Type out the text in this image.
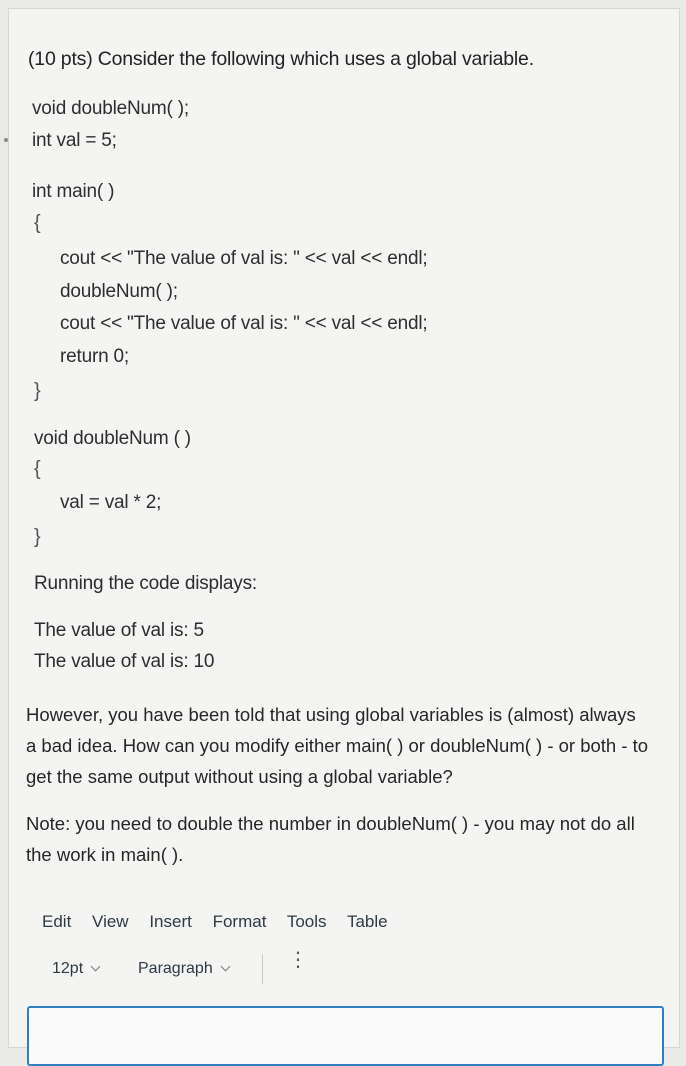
(10 pts) Consider the following which uses a global variable.
void doubleNum( );
int val = 5;
int main( )
{
cout << "The value of val is: " << val << endl;
doubleNum( );
cout << "The value of val is: " << val << endl;
return 0;
}
void doubleNum ( )
{
val = val * 2;
}
Running the code displays:
The value of val is: 5
The value of val is: 10
However, you have been told that using global variables is (almost) always a bad idea. How can you modify either main( ) or doubleNum( ) - or both - to get the same output without using a global variable?
Note: you need to double the number in doubleNum( ) - you may not do all the work in main( ).
Edit View Insert Format Tools Table
12pt	Paragraph	⋮
